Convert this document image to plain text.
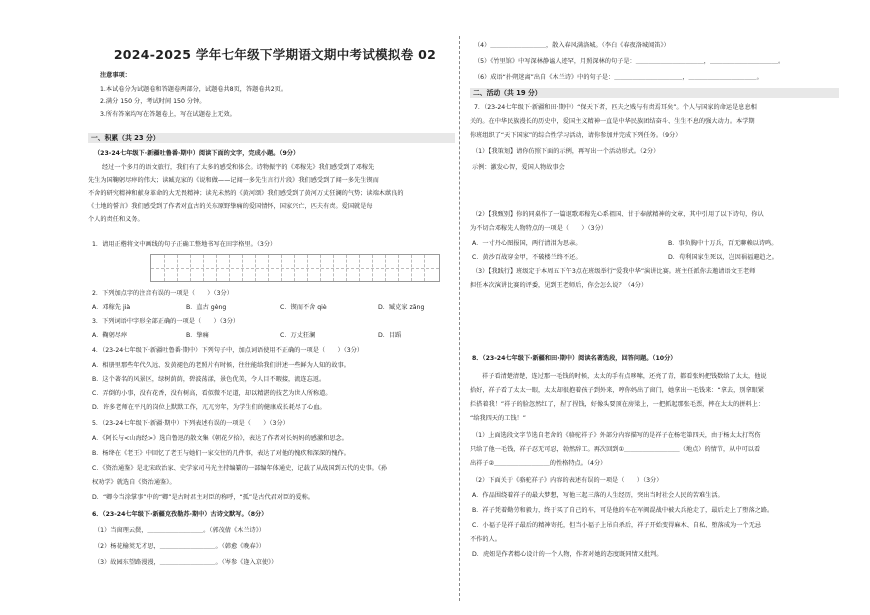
2024-2025 学年七年级下学期语文期中考试模拟卷 02
注意事项：
1.本试卷分为试题卷和答题卷两部分，试题卷共8页，答题卷共2页。
2.满分 150 分，考试时间 150 分钟。
3.所有答案均写在答题卷上，写在试题卷上无效。
一、积累（共 23 分）
（23-24七年级下·新疆吐鲁番·期中）阅读下面的文字，完成小题。（9分）
经过一个多月的语文旅行，我们有了太多的感受和体会。诗物振宇的《邓稼先》我们感受到了邓稼先
先生为国鞠躬尽瘁的伟大；读臧克家的《说和做——记闻一多先生言行片段》我们感受到了闻一多先生锲而
不舍的研究精神和献身革命的大无畏精神；读光未然的《黄河颂》我们感受到了黄河万丈狂澜的气势；读端木蕻良的
《土地的誓言》我们感受到了作者对直古的关东原野挚痛的爱国情怀，国家兴亡，匹夫有责。爱国就是每
个人的责任和义务。
1．请用正楷将文中画线的句子正确工整地书写在田字格里。（3分）
2．下列加点字的注音有误的一项是（　　）（3分）
A．邓稼先 jià	B．直古 gèng	C．锲而不舍 qiè	D．臧克家 zāng
3．下列词语中字形全部正确的一项是（　　）（3分）
A．鞠躬尽瘁	B．挚痛	C．万丈狂澜	D．目蹈
4．（23-24七年级下·新疆吐鲁番·期中）下列句子中，加点词语使用不正确的一项是（　　）（3分）
A．相册里那些年代久远、发黄褪色的老照片有时候，往往能给我们讲述一些鲜为人知的故事。
B．这个著名的风景区，绿树荫荫，碧波荡漾，景色优美，令人目不暇接，流连忘返。
C．弄倒的小事，没有花香，没有树高，看似微不足道，却以精湛的技艺为世人所称道。
D．许多老师在平凡的岗位上默默工作，兀兀穷年，为学生们的健康成长耗尽了心血。
5．（23-24七年级下·新疆·期中）下列表述有误的一项是（　　）（3分）
A．《阿长与<山海经>》选自鲁迅的散文集《朝花夕拾》，表达了作者对长妈妈的感激和思念。
B．杨绛在《老王》中回忆了老王与她们一家交往的几件事，表达了对他的愧疚和深深的愧作。
C．《资治通鉴》是北宋政治家、史学家司马光主持编纂的一部编年体通史，记载了从战国到五代的史事。《孙
权劝学》就选自《资治通鉴》。
D．“卿今当涂掌事”中的“卿”是古时君主对臣的称呼，“孤”是古代君对臣的爱称。
6．（23-24七年级下·新疆克孜勒苏·期中）古诗文默写。（8分）
（1）当窗理云鬓，＿＿＿＿＿＿＿＿＿。（郭茂倩《木兰诗》）
（2）杨花榆荚无才思，＿＿＿＿＿＿＿＿＿。（韩愈《晚春》）
（3）故园东望路漫漫，＿＿＿＿＿＿＿＿＿。（岑参《逢入京使》）
（4）＿＿＿＿＿＿＿＿＿，散入春风满洛城。（李白《春夜洛城闻笛》）
（5）《竹里馆》中写深林静谧人迹罕，月照深林的句子是：＿＿＿＿＿＿＿＿＿＿＿，＿＿＿＿＿＿＿＿＿＿＿。
（6）成语“扑朔迷离”出自《木兰诗》中的句子是：＿＿＿＿＿＿＿＿＿＿＿，＿＿＿＿＿＿＿＿＿＿＿。
二、活动（共 19 分）
7．（23-24七年级下·新疆和田·期中）“保天下者，匹夫之贱与有责焉耳矣”。个人与国家的命运是息息相
关的。在中华民族漫长的历史中，爱国主义精神一直是中华民族团结奋斗、生生不息的强大动力。本学期
你班组织了“天下国家”的综合性学习活动，请你参加并完成下列任务。（9分）
（1）【我策划】请你仿照下面的示例，再写出一个活动形式。（2分）
示例：激发心智，爱国人物故事会
（2）【我甄别】你的同桌作了一篇讴歌邓稼先心系祖国、甘于奉献精神的文章，其中引用了以下诗句，你认
为不切合邓稼先人物特点的一项是（　　）（3分）
A．一寸丹心图报国，两行清泪为思亲。	B．事负胸中十万兵，百无聊赖以诗鸣。
C．黄沙百战穿金甲，不破楼兰终不还。	D．苟利国家生死以，岂因祸福避趋之。
（3）【我践行】班级定于本周五下午3点在班级举行“爱我中华”演讲比赛。班主任派你去邀请语文王老师
担任本次演讲比赛的评委，见到王老师后，你会怎么说？（4分）
8．（23-24七年级下·新疆和田·期中）阅读名著选段，回答问题。（10分）
祥子看清楚清楚，连过那一毛钱的时候，太太的手有点哆嗦，还亮了青，都看张妈把钱数给了太太，他说
拾好，祥子看了太太一眼，太太却很抱着孩子到外来，哼你妈出了窗门，她拿出一毛钱来：“拿去，别拿眼紧
拦搭着我！”祥子的脸忽然红了，捏了捏钱，好像头要顶在房梁上，一把抓起那张毛票，摔在太太的拼料上：
“给我四天的工钱！”
（1）上面选段文字节选自老舍的《骆驼祥子》外部分内容描写的是祥子在杨宅第四天，由于杨太太打骂伤
只给了他一毛钱，祥子忍无可忍，勃然辞工。再次回到①＿＿＿＿＿＿＿＿＿（地点）的情节，从中可以看
出祥子②＿＿＿＿＿＿＿＿＿的性格特点。（4分）
（2）下面关于《骆驼祥子》内容的表述有误的一项是（　　）（3分）
A．作品围绕着祥子的最大梦想，写他三起三落的人生经历，突出当时社会人民的苦难生活。
B．祥子凭着勤劳和毅力，终于买了自己的车，可是他的车在军阀混战中被大兵抢走了，最后走上了堕落之路。
C．小福子是祥子最后的精神寄托，但当小福子上吊自杀后，祥子开始变得麻木、自私、堕落成为一个无忌
不作的人。
D．虎妞是作者精心设计的一个人物，作者对她的态度既同情又批判。
